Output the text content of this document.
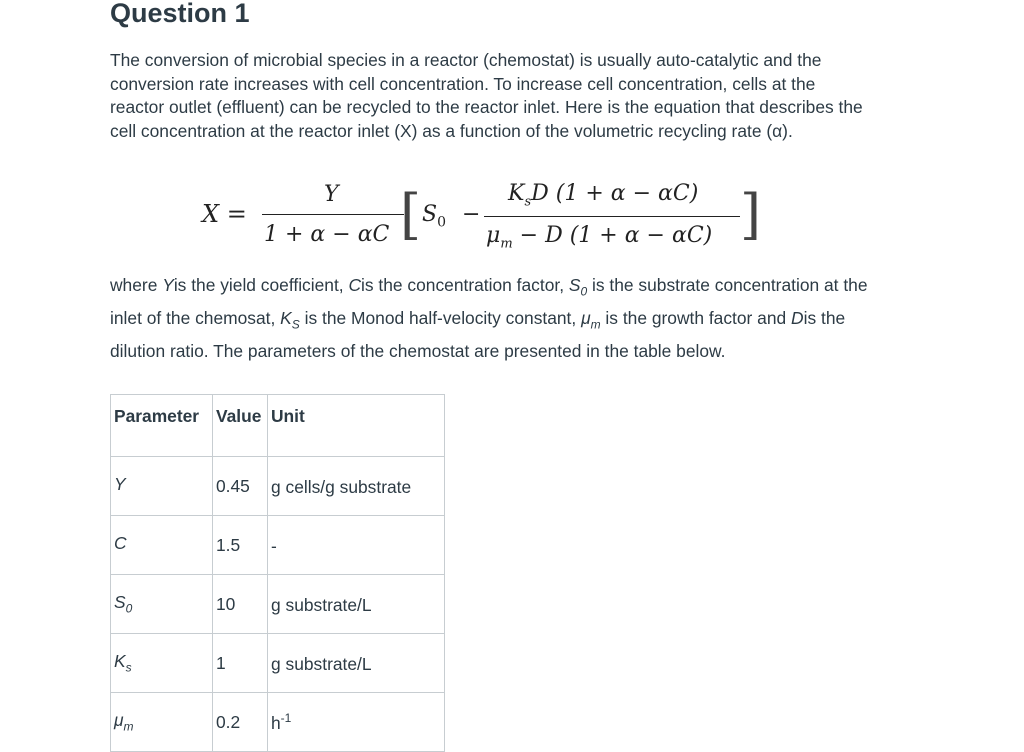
Question 1

The conversion of microbial species in a reactor (chemostat) is usually auto-catalytic and the conversion rate increases with cell concentration. To increase cell concentration, cells at the reactor outlet (effluent) can be recycled to the reactor inlet. Here is the equation that describes the cell concentration at the reactor inlet (X) as a function of the volumetric recycling rate (α).

X =
Y
1 + α − αC [ $S_0$ −
$K_sD$ (1 + α − αC)
$\mu_m - D$ (1 + α − αC) ]

where Yis the yield coefficient, Cis the concentration factor, $S_0$ is the substrate concentration at the inlet of the chemosat, $K_S$ is the Monod half-velocity constant, $\mu_m$ is the growth factor and Dis the dilution ratio. The parameters of the chemostat are presented in the table below.

Parameter	Value	Unit
Y	0.45	g cells/g substrate
C	1.5	-
$S_0$	10	g substrate/L
$K_s$	1	g substrate/L
$\mu_m$	0.2	$h^{-1}$
